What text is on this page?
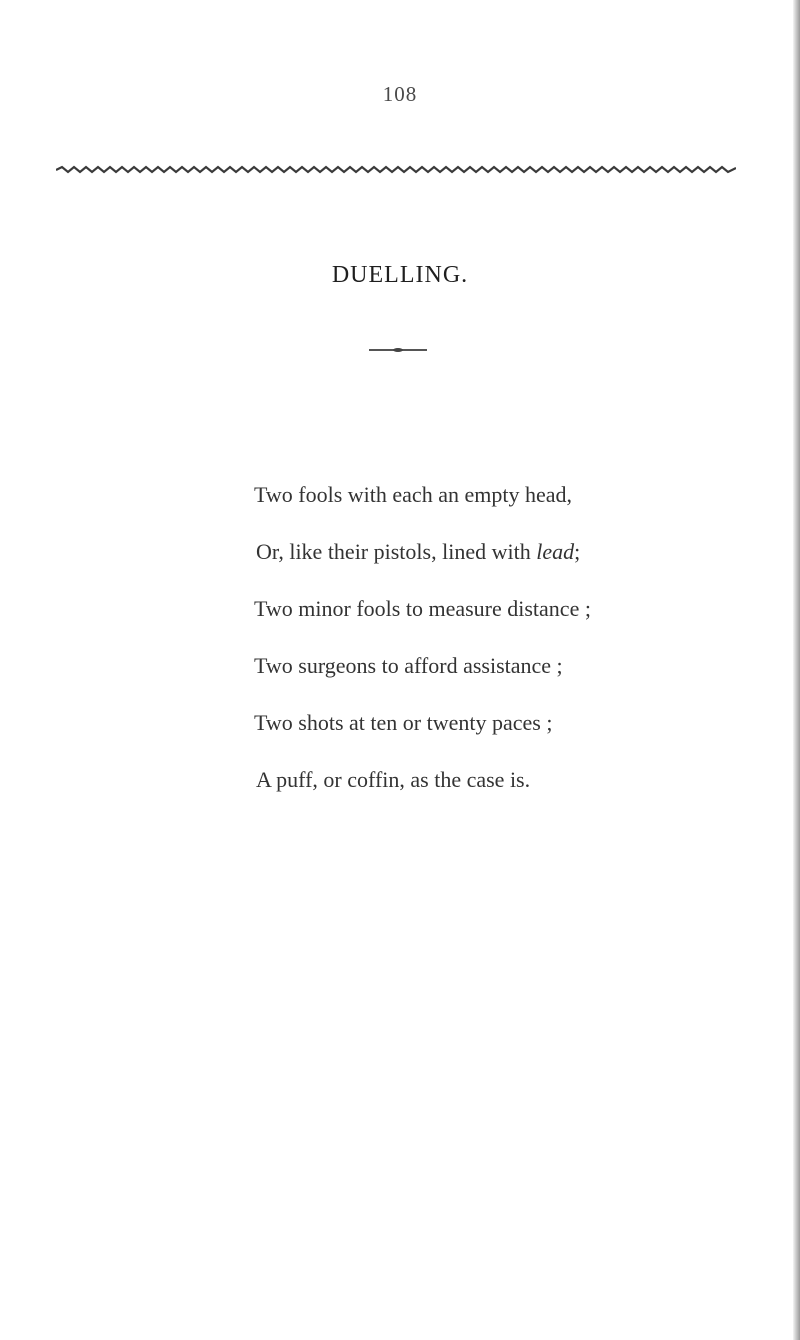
108

DUELLING.
Two fools with each an empty head,
Or, like their pistols, lined with lead;
Two minor fools to measure distance ;
Two surgeons to afford assistance ;
Two shots at ten or twenty paces ;
A puff, or coffin, as the case is.
